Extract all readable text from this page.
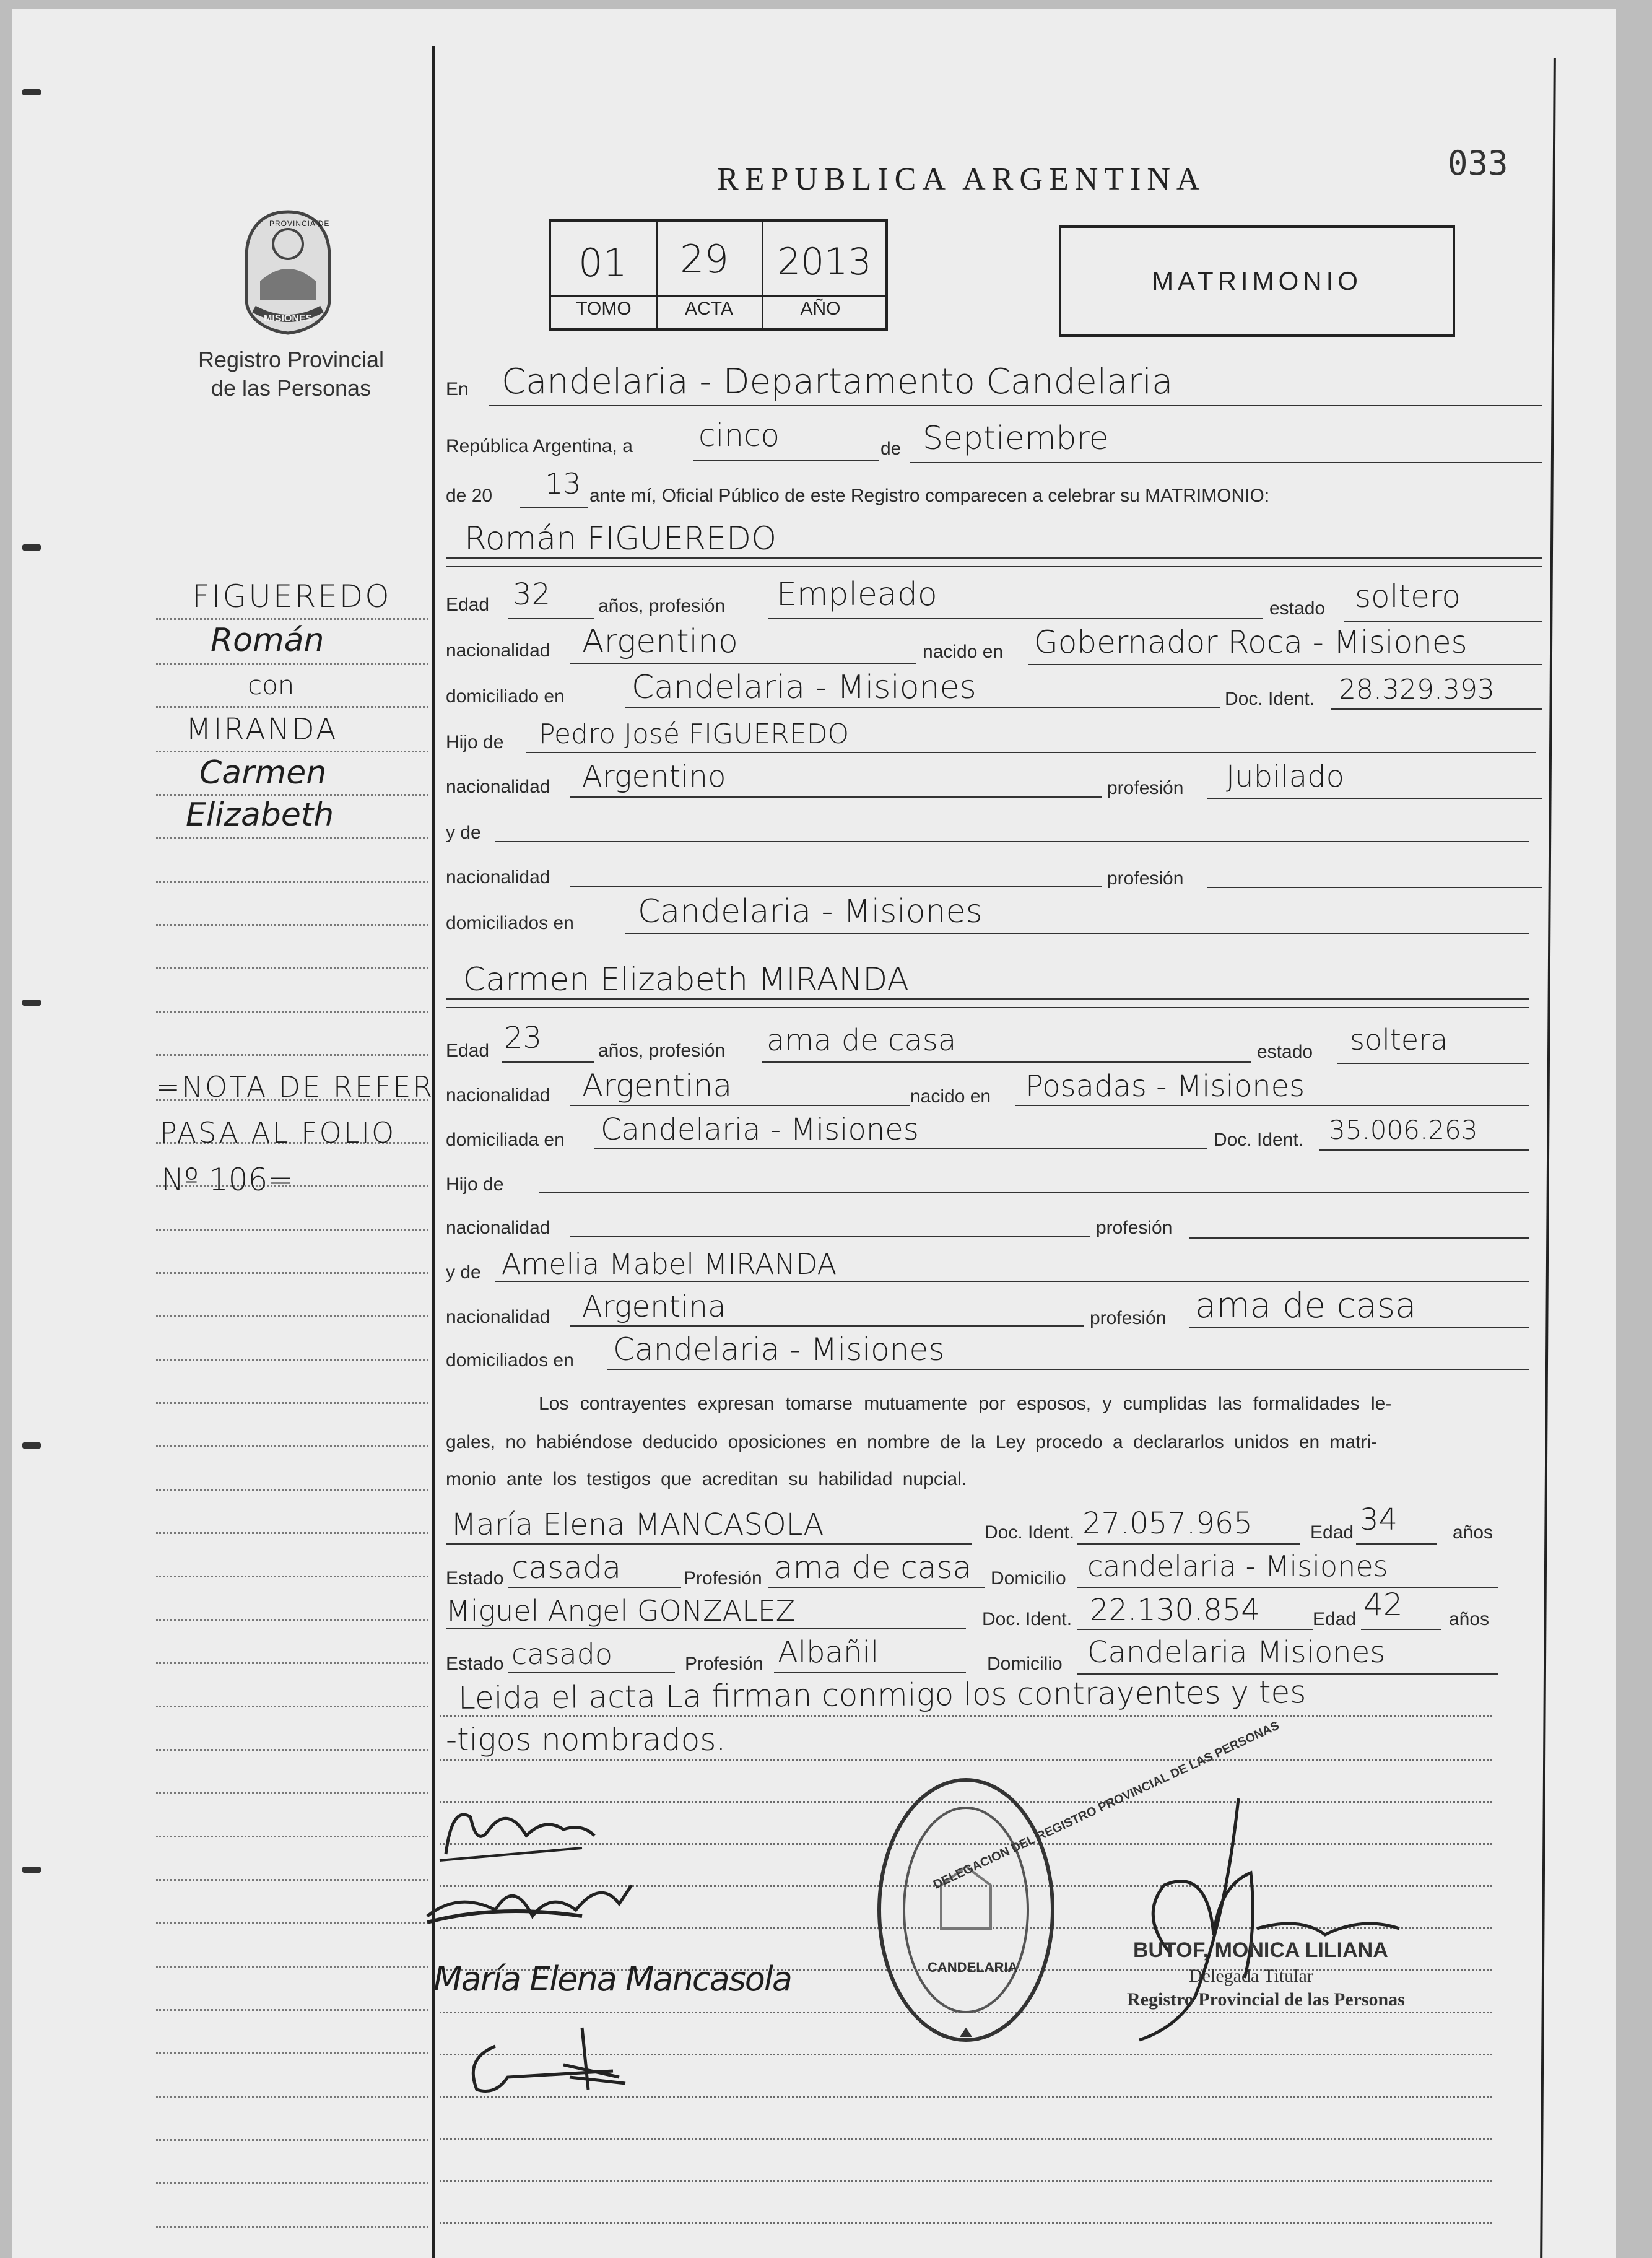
REPUBLICA ARGENTINA	033
PROVINCIA DE
MISIONES
Registro Provincial
de las Personas
01 29 2013
TOMO	ACTA	AÑO
MATRIMONIO
FIGUEREDO
Román
con
MIRANDA
Carmen
Elizabeth
=NOTA DE REFER
PASA AL FOLIO
Nº 106=
En Candelaria - Departamento Candelaria
República Argentina, a cinco	de Septiembre
de 20 13 ante mí, Oficial Público de este Registro comparecen a celebrar su MATRIMONIO:
Román FIGUEREDO
Edad 32	años, profesión Empleado	estado soltero
nacionalidad Argentino	nacido en Gobernador Roca - Misiones
domiciliado en Candelaria - Misiones	Doc. Ident. 28.329.393
Hijo de Pedro José FIGUEREDO
nacionalidad Argentino	profesión Jubilado
y de
nacionalidad	profesión
domiciliados en Candelaria - Misiones
Carmen Elizabeth MIRANDA
Edad 23	años, profesión ama de casa	estado soltera
nacionalidad Argentina	nacido en Posadas - Misiones
domiciliada en Candelaria - Misiones	Doc. Ident. 35.006.263
Hijo de
nacionalidad	profesión
y de Amelia Mabel MIRANDA
nacionalidad Argentina	profesión ama de casa
domiciliados en Candelaria - Misiones
Los contrayentes expresan tomarse mutuamente por esposos, y cumplidas las formalidades le-
gales, no habiéndose deducido oposiciones en nombre de la Ley procedo a declararlos unidos en matri-
monio ante los testigos que acreditan su habilidad nupcial.
María Elena MANCASOLA	Doc. Ident. 27.057.965	Edad 34	años
Estado casada	Profesión ama de casa Domicilio candelaria - Misiones
Miguel Angel GONZALEZ	Doc. Ident. 22.130.854	Edad 42 años
Estado casado	Profesión Albañil	Domicilio Candelaria Misiones
Leida el acta La firman conmigo los contrayentes y tes
-tigos nombrados.
María Elena Mancasola
DELEGACION DEL REGISTRO PROVINCIAL DE LAS PERSONAS
CANDELARIA
BUTOF, MONICA LILIANA
Delegada Titular
Registro Provincial de las Personas
